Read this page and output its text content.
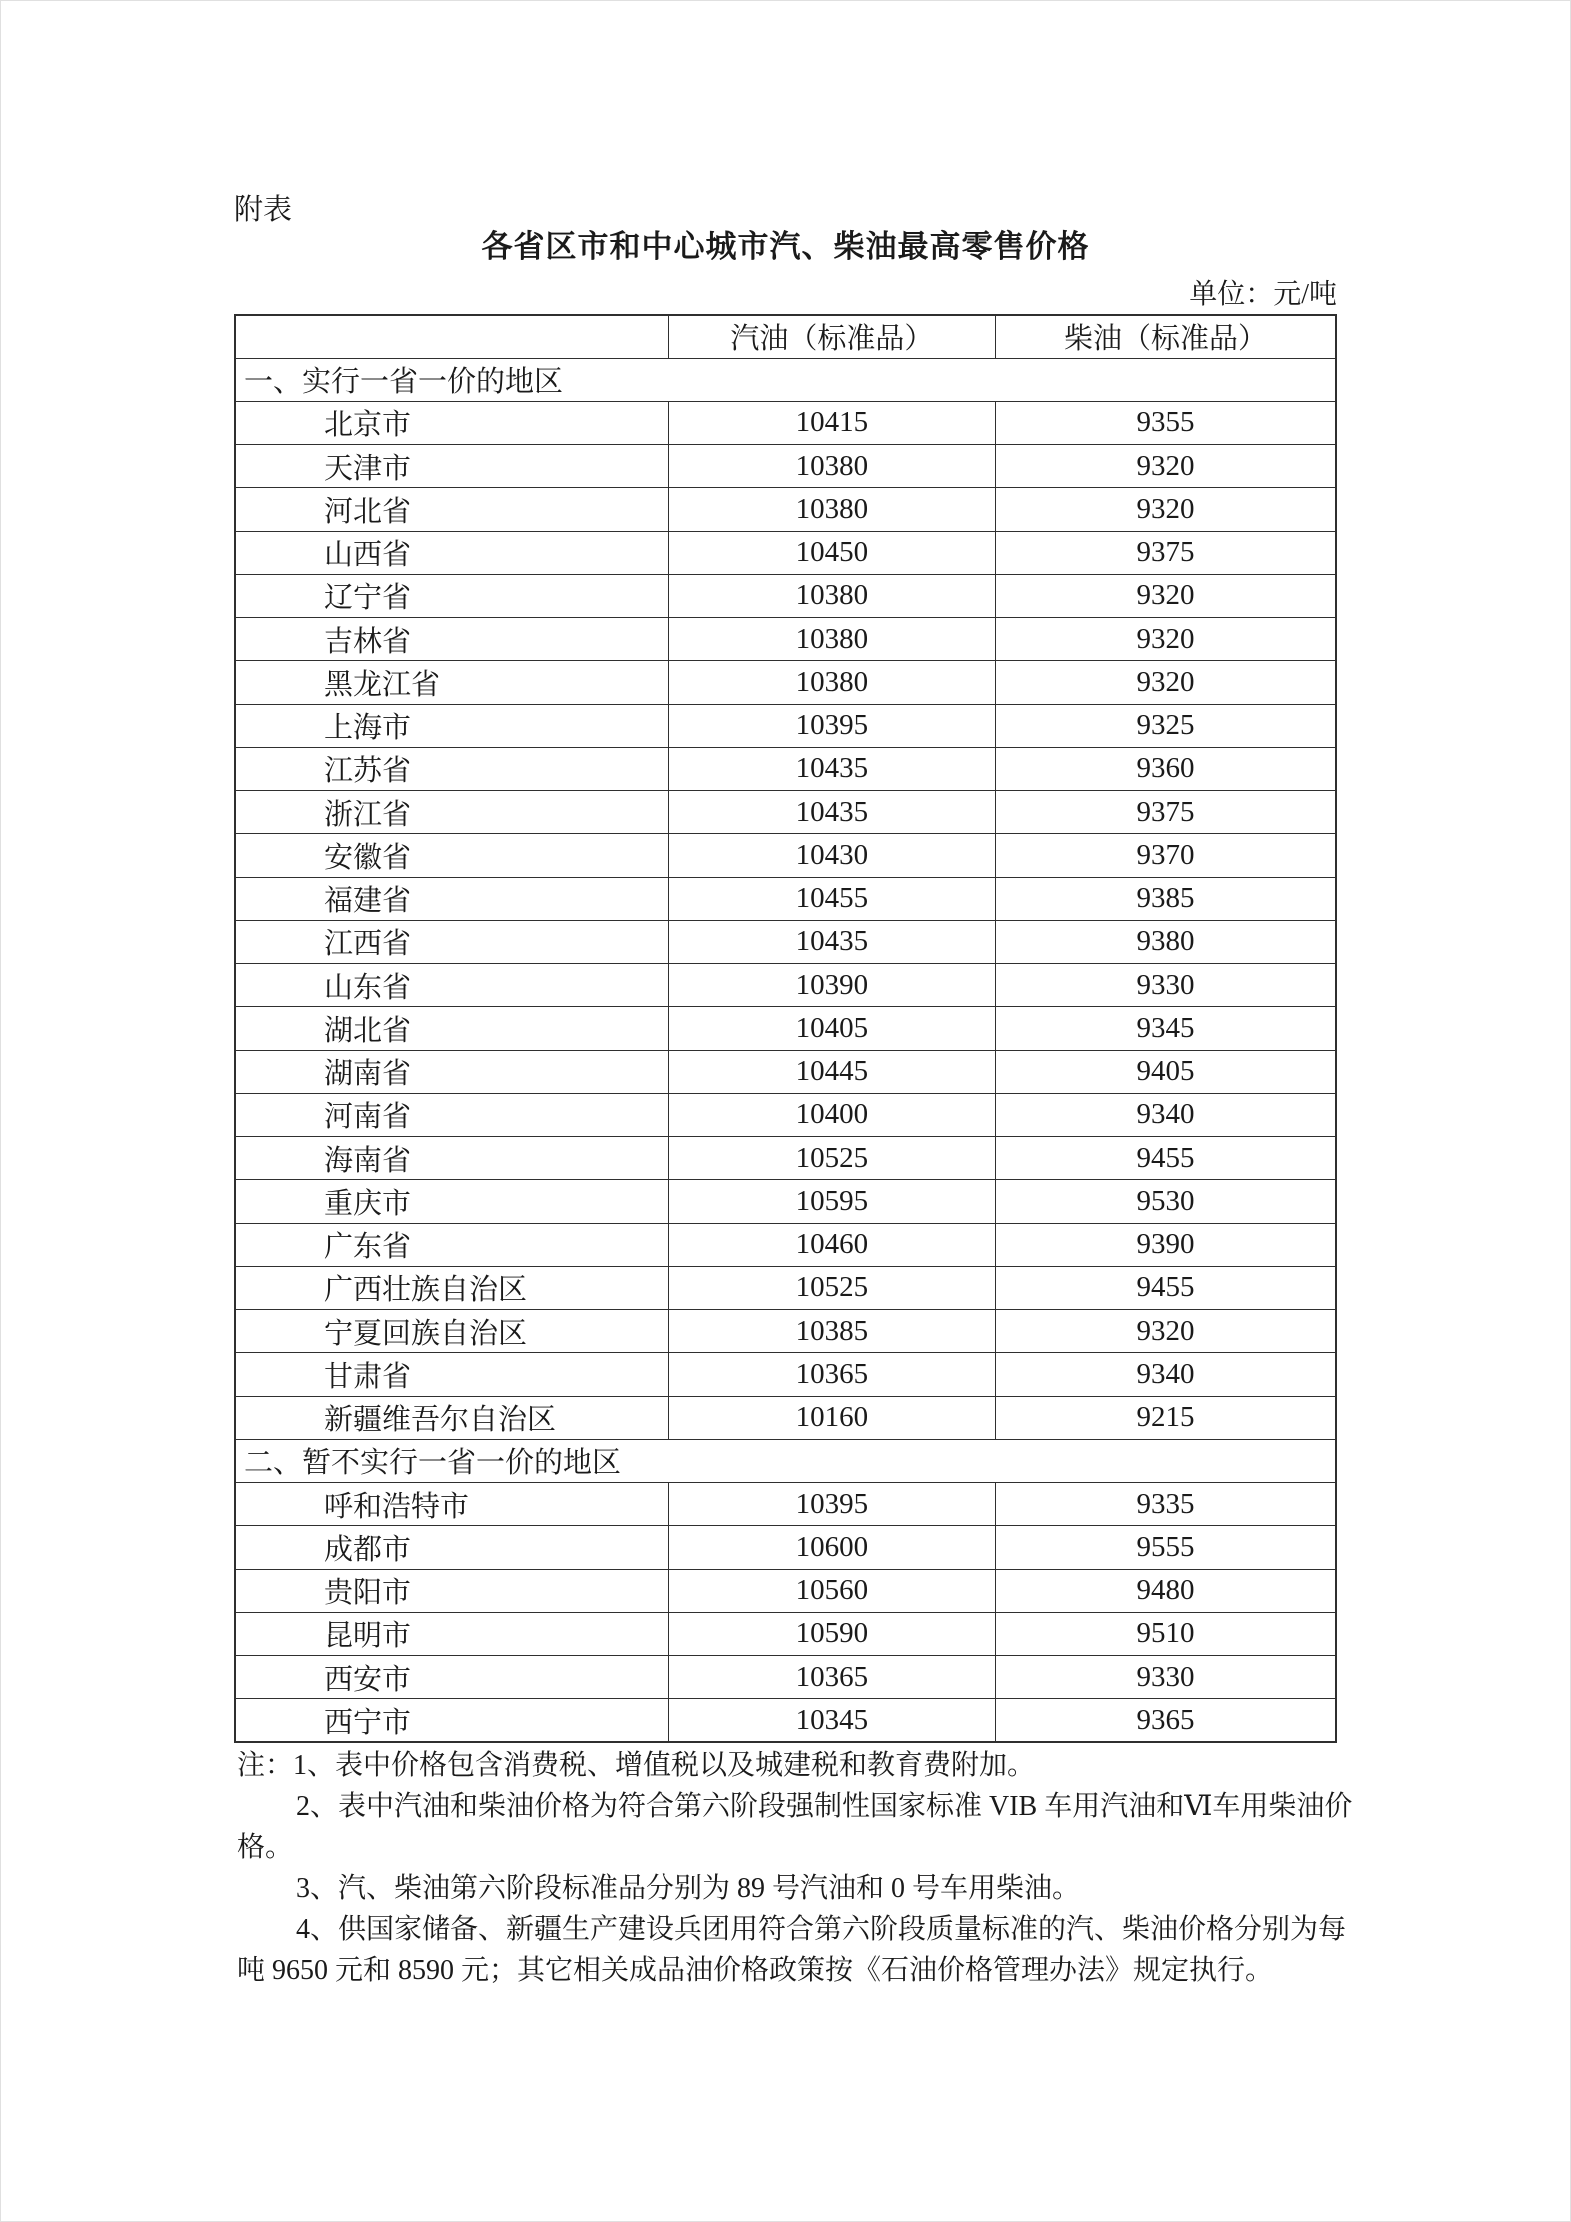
附表
各省区市和中心城市汽、柴油最高零售价格
单位：元/吨
	汽油（标准品）	柴油（标准品）
一、实行一省一价的地区		
北京市	10415	9355
天津市	10380	9320
河北省	10380	9320
山西省	10450	9375
辽宁省	10380	9320
吉林省	10380	9320
黑龙江省	10380	9320
上海市	10395	9325
江苏省	10435	9360
浙江省	10435	9375
安徽省	10430	9370
福建省	10455	9385
江西省	10435	9380
山东省	10390	9330
湖北省	10405	9345
湖南省	10445	9405
河南省	10400	9340
海南省	10525	9455
重庆市	10595	9530
广东省	10460	9390
广西壮族自治区	10525	9455
宁夏回族自治区	10385	9320
甘肃省	10365	9340
新疆维吾尔自治区	10160	9215
二、暂不实行一省一价的地区		
呼和浩特市	10395	9335
成都市	10600	9555
贵阳市	10560	9480
昆明市	10590	9510
西安市	10365	9330
西宁市	10345	9365
注：1、表中价格包含消费税、增值税以及城建税和教育费附加。
2、表中汽油和柴油价格为符合第六阶段强制性国家标准 VIB 车用汽油和Ⅵ车用柴油价
格。
3、汽、柴油第六阶段标准品分别为 89 号汽油和 0 号车用柴油。
4、供国家储备、新疆生产建设兵团用符合第六阶段质量标准的汽、柴油价格分别为每
吨 9650 元和 8590 元；其它相关成品油价格政策按《石油价格管理办法》规定执行。
